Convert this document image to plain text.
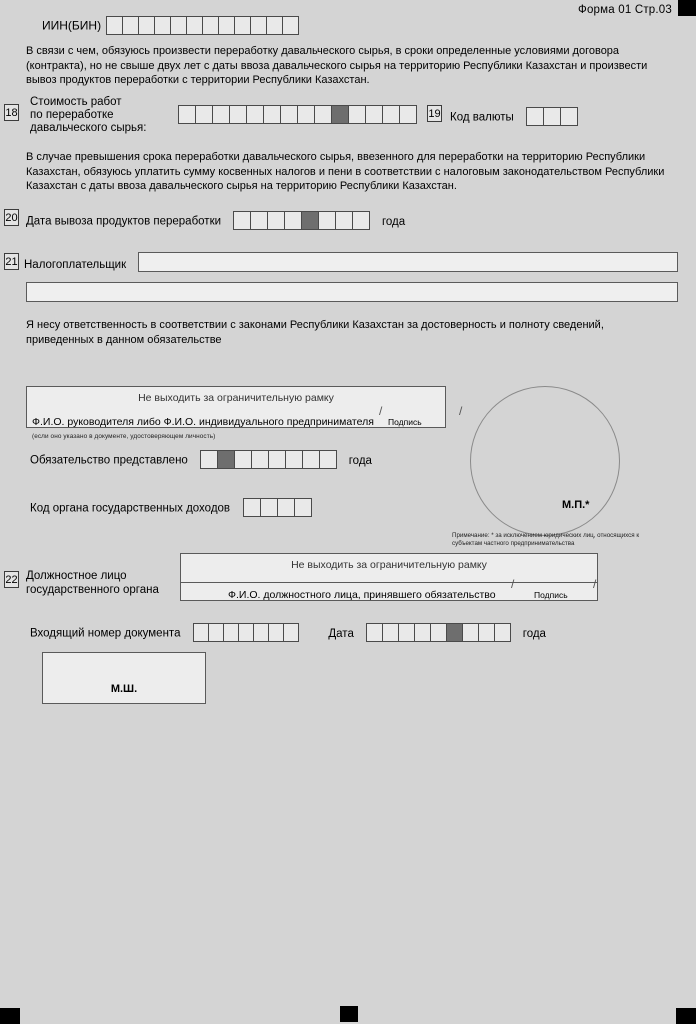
Форма 01 Стр.03
ИИН(БИН)
В связи с чем, обязуюсь произвести переработку давальческого сырья, в сроки определенные условиями договора (контракта), но не свыше двух лет с даты ввоза давальческого сырья на территорию Республики Казахстан и произвести вывоз продуктов переработки с территории Республики Казахстан.
18
Стоимость работ
по переработке
давальческого сырья:
19 Код валюты
В случае превышения срока переработки давальческого сырья, ввезенного для переработки на территорию Республики Казахстан, обязуюсь уплатить сумму косвенных налогов и пени в соответствии с налоговым законодательством Республики Казахстан с даты ввоза давальческого сырья на территорию Республики Казахстан.
20 Дата вывоза продуктов переработки	года
21 Налогоплательщик
Я несу ответственность в соответствии с законами Республики Казахстан за достоверность и полноту сведений, приведенных в данном обязательстве
Не выходить за ограничительную рамку
/	/
Ф.И.О. руководителя либо Ф.И.О. индивидуального предпринимателя Подпись
(если оно указано в документе, удостоверяющем личность)
Обязательство представлено	года
Код органа государственных доходов	М.П.*
Примечание: * за исключением юридических лиц, относящихся к субъектам частного предпринимательства
22 Должностное лицо
государственного органа
Не выходить за ограничительную рамку
/	/
Ф.И.О. должностного лица, принявшего обязательство	Подпись
Входящий номер документа	Дата	года
М.Ш.
